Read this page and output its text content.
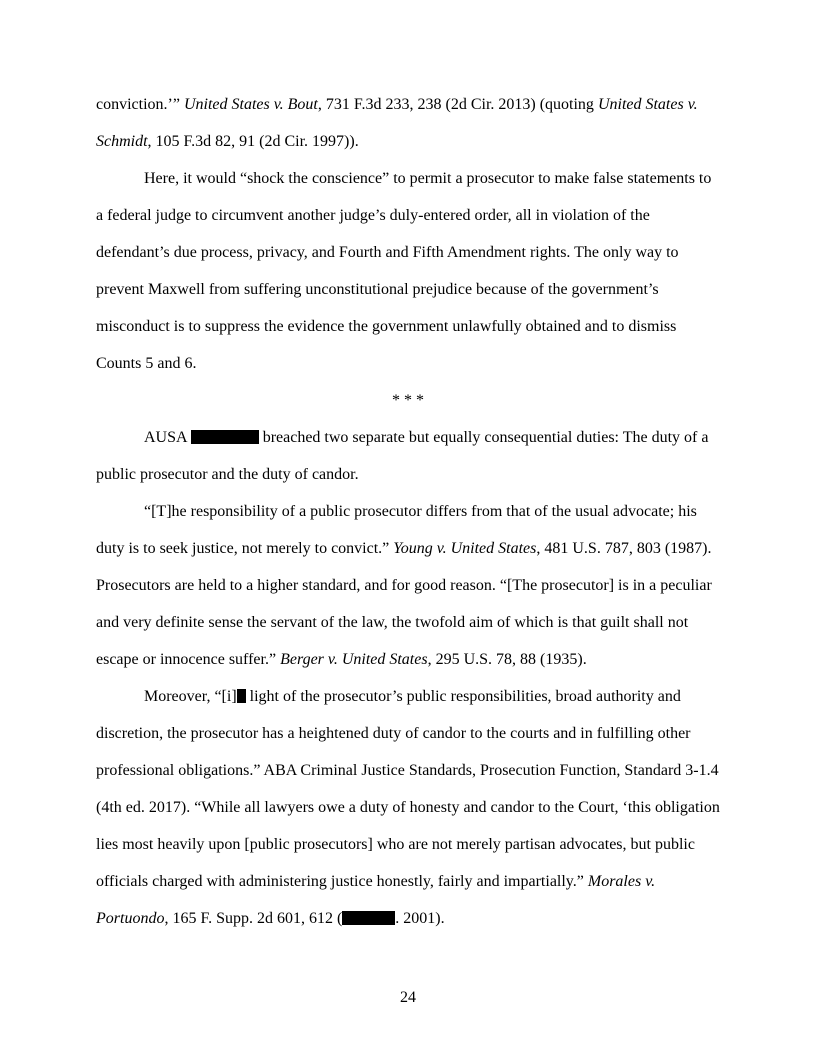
conviction.’” United States v. Bout, 731 F.3d 233, 238 (2d Cir. 2013) (quoting United States v. Schmidt, 105 F.3d 82, 91 (2d Cir. 1997)).

Here, it would “shock the conscience” to permit a prosecutor to make false statements to a federal judge to circumvent another judge’s duly-entered order, all in violation of the defendant’s due process, privacy, and Fourth and Fifth Amendment rights. The only way to prevent Maxwell from suffering unconstitutional prejudice because of the government’s misconduct is to suppress the evidence the government unlawfully obtained and to dismiss Counts 5 and 6.

* * *

AUSA	breached two separate but equally consequential duties: The duty of a public prosecutor and the duty of candor.

“[T]he responsibility of a public prosecutor differs from that of the usual advocate; his duty is to seek justice, not merely to convict.” Young v. United States, 481 U.S. 787, 803 (1987). Prosecutors are held to a higher standard, and for good reason. “[The prosecutor] is in a peculiar and very definite sense the servant of the law, the twofold aim of which is that guilt shall not escape or innocence suffer.” Berger v. United States, 295 U.S. 78, 88 (1935).

Moreover, “[i] light of the prosecutor’s public responsibilities, broad authority and discretion, the prosecutor has a heightened duty of candor to the courts and in fulfilling other professional obligations.” ABA Criminal Justice Standards, Prosecution Function, Standard 3-1.4 (4th ed. 2017). “While all lawyers owe a duty of honesty and candor to the Court, ‘this obligation lies most heavily upon [public prosecutors] who are not merely partisan advocates, but public officials charged with administering justice honestly, fairly and impartially.” Morales v. Portuondo, 165 F. Supp. 2d 601, 612 (	. 2001).

24
